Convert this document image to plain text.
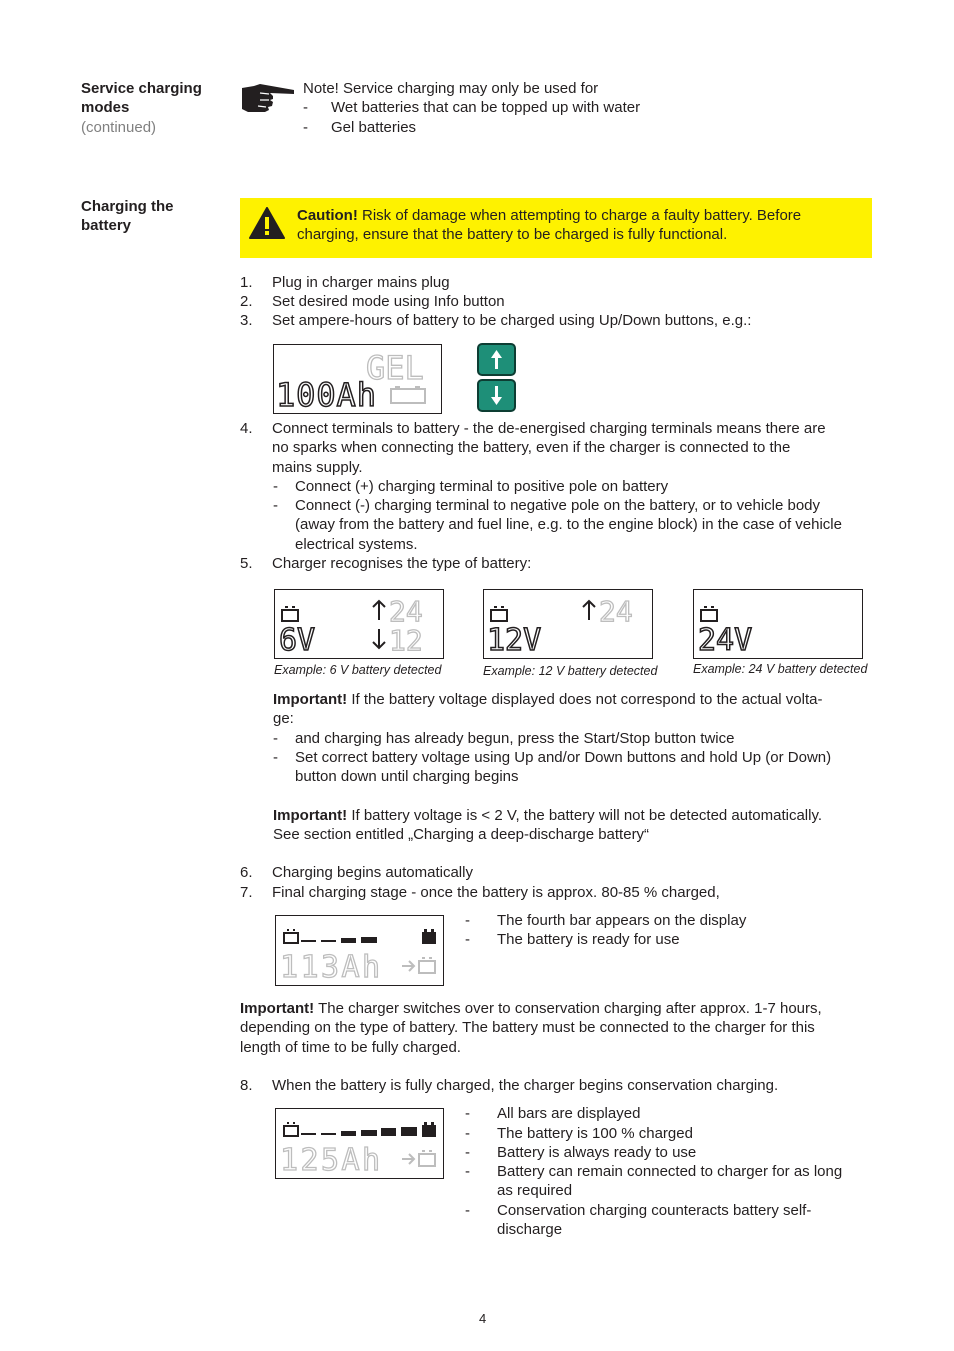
Service charging
modes
(continued)
Charging the
battery
Note! Service charging may only be used for
- Wet batteries that can be topped up with water
- Gel batteries
Caution! Risk of damage when attempting to charge a faulty battery. Before
charging, ensure that the battery to be charged is fully functional.
1. Plug in charger mains plug
2. Set desired mode using Info button
3. Set ampere-hours of battery to be charged using Up/Down buttons, e.g.:
GEL
100Ah
4. Connect terminals to battery - the de-energised charging terminals means there are
no sparks when connecting the battery, even if the charger is connected to the
mains supply.
- Connect (+) charging terminal to positive pole on battery
- Connect (-) charging terminal to negative pole on the battery, or to vehicle body
(away from the battery and fuel line, e.g. to the engine block) in the case of vehicle
electrical systems.
5. Charger recognises the type of battery:
6V
24
12
Example: 6 V battery detected
12V
24
Example: 12 V battery detected
24V
Example: 24 V battery detected
Important! If the battery voltage displayed does not correspond to the actual volta-
ge:
- and charging has already begun, press the Start/Stop button twice
- Set correct battery voltage using Up and/or Down buttons and hold Up (or Down)
button down until charging begins
Important! If battery voltage is < 2 V, the battery will not be detected automatically.
See section entitled „Charging a deep-discharge battery“
6. Charging begins automatically
7. Final charging stage - once the battery is approx. 80-85 % charged,
113Ah
- The fourth bar appears on the display
- The battery is ready for use
Important! The charger switches over to conservation charging after approx. 1-7 hours,
depending on the type of battery. The battery must be connected to the charger for this
length of time to be fully charged.
8. When the battery is fully charged, the charger begins conservation charging.
125Ah
- All bars are displayed
- The battery is 100 % charged
- Battery is always ready to use
- Battery can remain connected to charger for as long
as required
- Conservation charging counteracts battery self-
discharge
4
